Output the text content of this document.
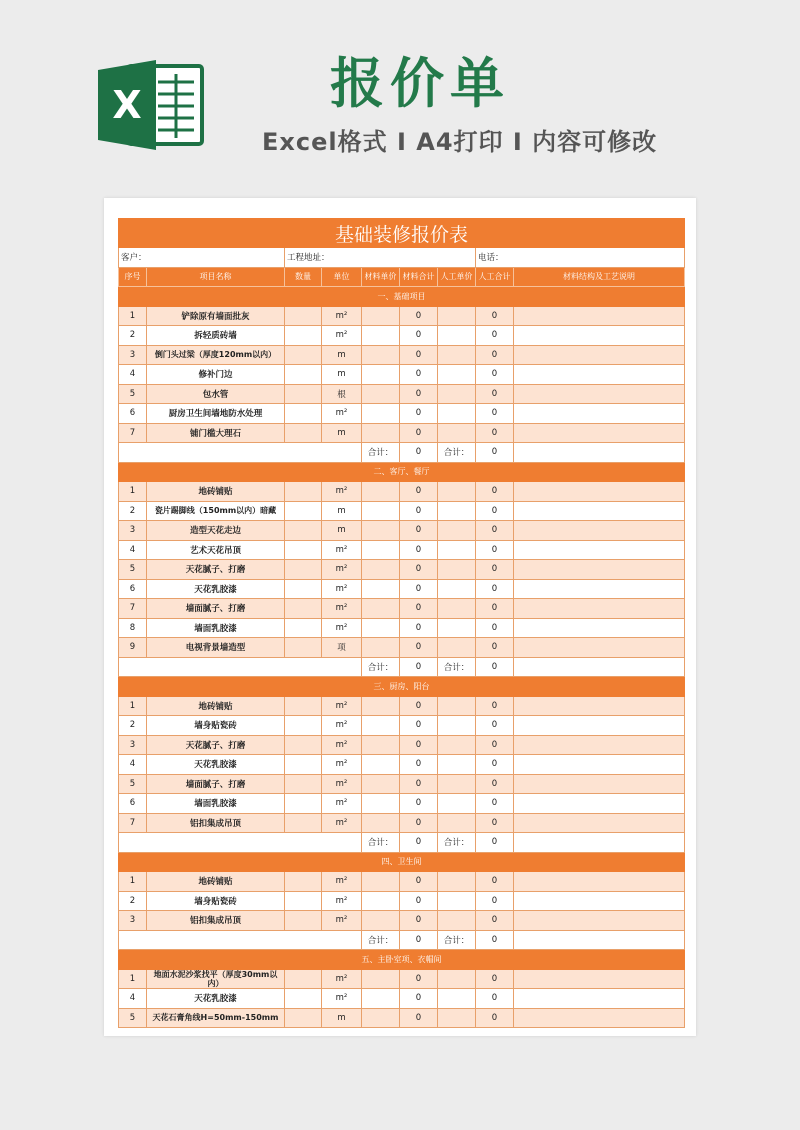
X	报价单
Excel格式 I A4打印 I 内容可修改
基础装修报价表								
客户：		工程地址：					电话：	
序号	项目名称	数量	单位	材料单价	材料合计	人工单价	人工合计	材料结构及工艺说明
一、基础项目								
1	铲除原有墙面批灰		m²		0		0	
2	拆轻质砖墙		m²		0		0	
3	倒门头过梁（厚度120mm以内）		m		0		0	
4	修补门边		m		0		0	
5	包水管		根		0		0	
6	厨房卫生间墙地防水处理		m²		0		0	
7	铺门槛大理石		m		0		0	
				合计：	0	合计：	0	
二、客厅、餐厅								
1	地砖铺贴		m²		0		0	
2	瓷片踢脚线（150mm以内）暗藏		m		0		0	
3	造型天花走边		m		0		0	
4	艺术天花吊顶		m²		0		0	
5	天花腻子、打磨		m²		0		0	
6	天花乳胶漆		m²		0		0	
7	墙面腻子、打磨		m²		0		0	
8	墙面乳胶漆		m²		0		0	
9	电视背景墙造型		项		0		0	
				合计：	0	合计：	0	
三、厨房、阳台								
1	地砖铺贴		m²		0		0	
2	墙身贴瓷砖		m²		0		0	
3	天花腻子、打磨		m²		0		0	
4	天花乳胶漆		m²		0		0	
5	墙面腻子、打磨		m²		0		0	
6	墙面乳胶漆		m²		0		0	
7	铝扣集成吊顶		m²		0		0	
				合计：	0	合计：	0	
四、卫生间								
1	地砖铺贴		m²		0		0	
2	墙身贴瓷砖		m²		0		0	
3	铝扣集成吊顶		m²		0		0	
				合计：	0	合计：	0	
五、主卧室项、衣帽间								
1	地面水泥沙浆找平（厚度30mm以内）		m²		0		0	
4	天花乳胶漆		m²		0		0	
5	天花石膏角线H=50mm-150mm		m		0		0	
